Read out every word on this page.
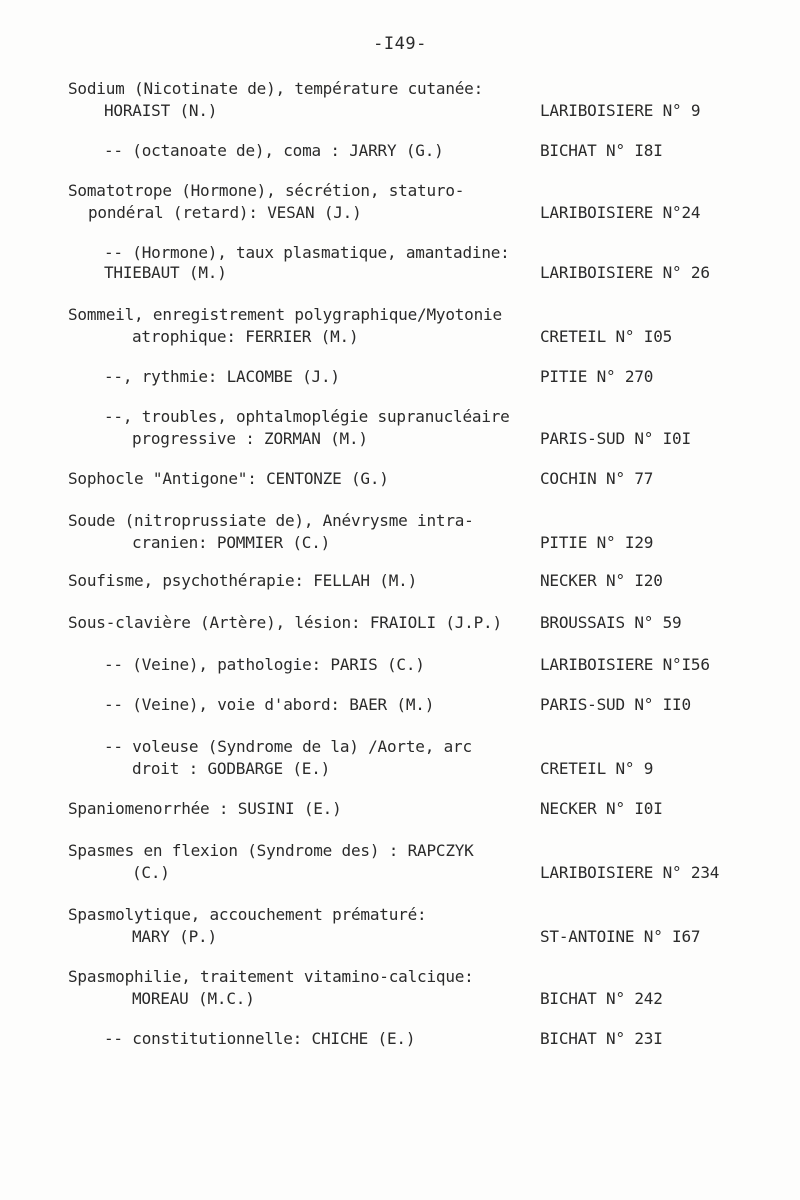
-I49-
Sodium (Nicotinate de), température cutanée:
HORAIST (N.)	LARIBOISIERE N° 9
-- (octanoate de), coma : JARRY (G.)	BICHAT N° I8I
Somatotrope (Hormone), sécrétion, staturo-
pondéral (retard): VESAN (J.)	LARIBOISIERE N°24
-- (Hormone), taux plasmatique, amantadine:
THIEBAUT (M.)	LARIBOISIERE N° 26
Sommeil, enregistrement polygraphique/Myotonie
atrophique: FERRIER (M.)	CRETEIL N° I05
--, rythmie: LACOMBE (J.)	PITIE N° 270
--, troubles, ophtalmoplégie supranucléaire
progressive : ZORMAN (M.)	PARIS-SUD N° I0I
Sophocle "Antigone": CENTONZE (G.)	COCHIN N° 77
Soude (nitroprussiate de), Anévrysme intra-
cranien: POMMIER (C.)	PITIE N° I29
Soufisme, psychothérapie: FELLAH (M.)	NECKER N° I20
Sous-clavière (Artère), lésion: FRAIOLI (J.P.) BROUSSAIS N° 59
-- (Veine), pathologie: PARIS (C.)	LARIBOISIERE N°I56
-- (Veine), voie d'abord: BAER (M.)	PARIS-SUD N° II0
-- voleuse (Syndrome de la) /Aorte, arc
droit : GODBARGE (E.)	CRETEIL N° 9
Spaniomenorrhée : SUSINI (E.)	NECKER N° I0I
Spasmes en flexion (Syndrome des) : RAPCZYK
(C.)	LARIBOISIERE N° 234
Spasmolytique, accouchement prématuré:
MARY (P.)	ST-ANTOINE N° I67
Spasmophilie, traitement vitamino-calcique:
MOREAU (M.C.)	BICHAT N° 242
-- constitutionnelle: CHICHE (E.)	BICHAT N° 23I
